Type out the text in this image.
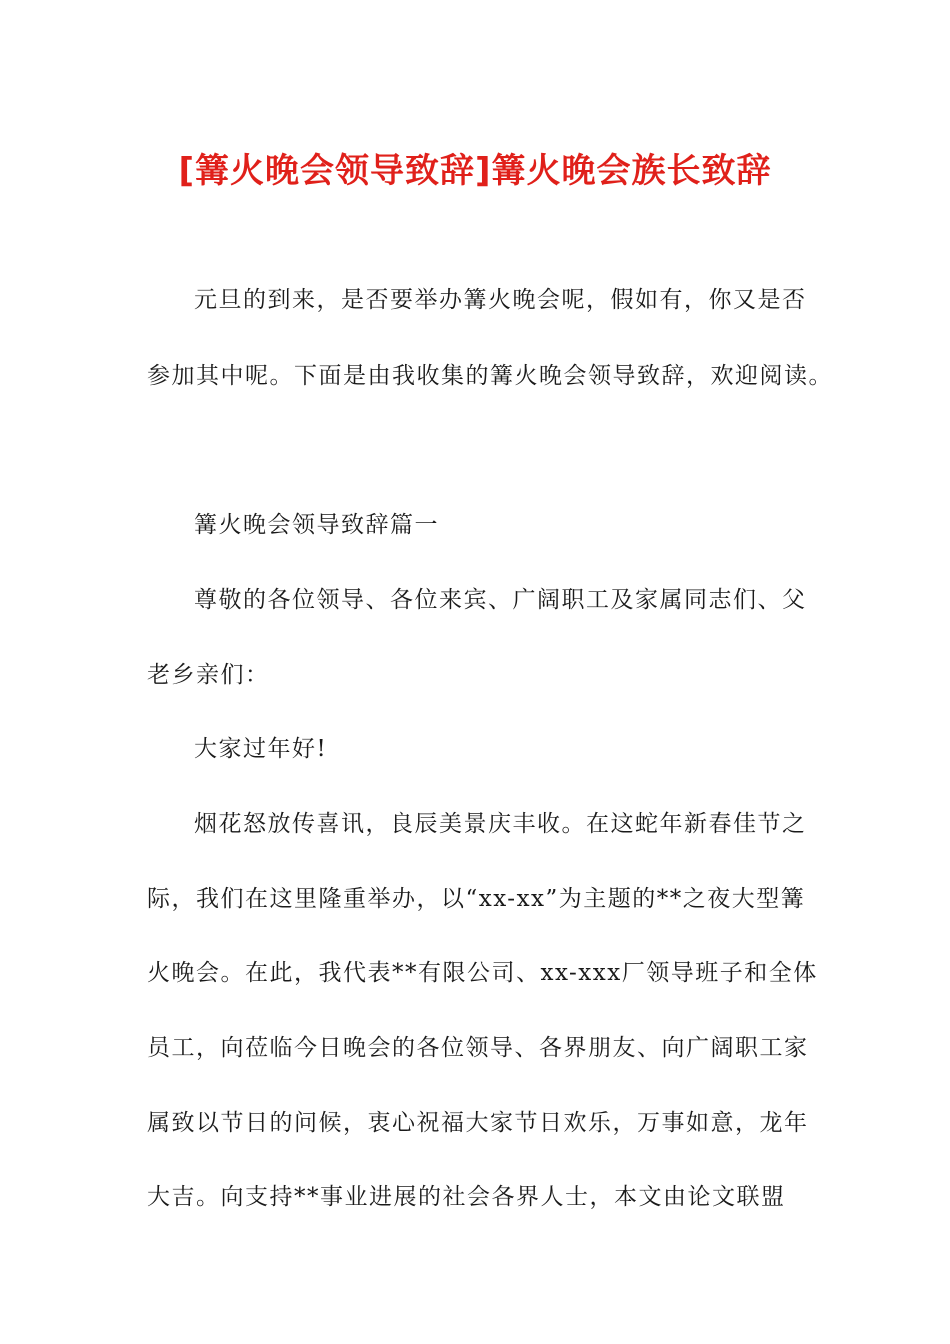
[篝火晚会领导致辞]篝火晚会族长致辞
元旦的到来，是否要举办篝火晚会呢，假如有，你又是否
参加其中呢。下面是由我收集的篝火晚会领导致辞，欢迎阅读。
篝火晚会领导致辞篇一
尊敬的各位领导、各位来宾、广阔职工及家属同志们、父
老乡亲们：
大家过年好!
烟花怒放传喜讯，良辰美景庆丰收。在这蛇年新春佳节之
际，我们在这里隆重举办，以“xx-xx”为主题的**之夜大型篝
火晚会。在此，我代表**有限公司、xx-xxx厂领导班子和全体
员工，向莅临今日晚会的各位领导、各界朋友、向广阔职工家
属致以节日的问候，衷心祝福大家节日欢乐，万事如意，龙年
大吉。向支持**事业进展的社会各界人士，本文由论文联盟
